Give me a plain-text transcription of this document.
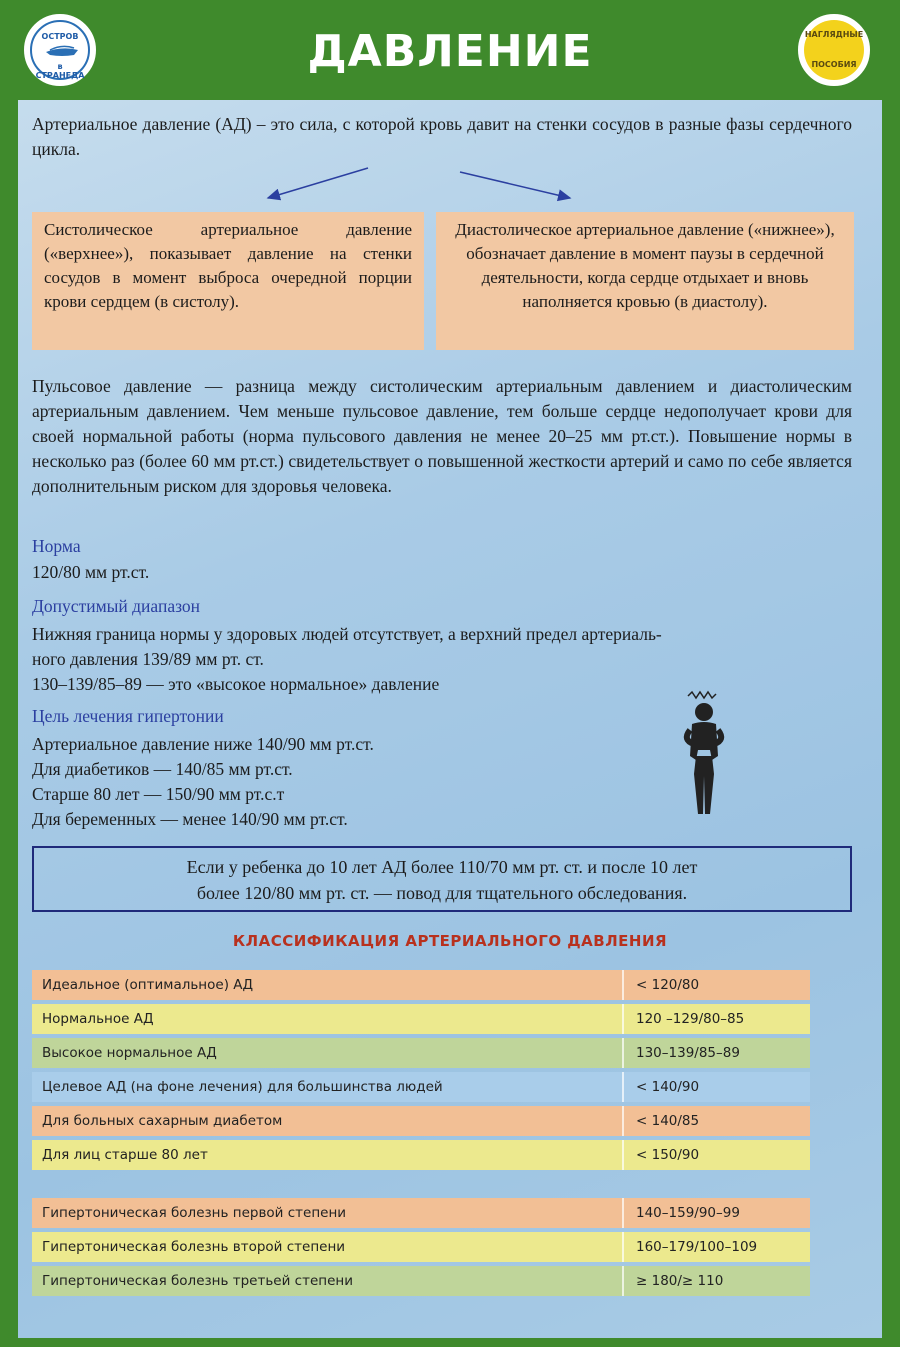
ОСТРОВ
в СТРАНЕДА	ДАВЛЕНИЕ	НАГЛЯДНЫЕ
ПОСОБИЯ
Артериальное давление (АД) – это сила, с которой кровь давит на стенки сосудов в разные фазы сердечного цикла.
Систолическое артериальное давление («верхнее»), показывает давление на стенки сосудов в момент выброса очередной порции крови сердцем (в систолу).
Диастолическое артериальное давление («нижнее»), обозначает давление в момент паузы в сердечной деятельности, когда сердце отдыхает и вновь наполняется кровью (в диастолу).
Пульсовое давление — разница между систолическим артериальным давлением и диастолическим артериальным давлением. Чем меньше пульсовое давление, тем больше сердце недополучает крови для своей нормальной работы (норма пульсового давления не менее 20–25 мм рт.ст.). Повышение нормы в несколько раз (более 60 мм рт.ст.) свидетельствует о повышенной жесткости артерий и само по себе является дополнительным риском для здоровья человека.
Норма
120/80 мм рт.ст.
Допустимый диапазон
Нижняя граница нормы у здоровых людей отсутствует, а верхний предел артериаль-
ного давления 139/89 мм рт. ст.
130–139/85–89 — это «высокое нормальное» давление
Цель лечения гипертонии
Артериальное давление ниже 140/90 мм рт.ст.
Для диабетиков — 140/85 мм рт.ст.
Старше 80 лет — 150/90 мм рт.с.т
Для беременных — менее 140/90 мм рт.ст.
Если у ребенка до 10 лет АД более 110/70 мм рт. ст. и после 10 лет
более 120/80 мм рт. ст. — повод для тщательного обследования.
КЛАССИФИКАЦИЯ АРТЕРИАЛЬНОГО ДАВЛЕНИЯ
Идеальное (оптимальное) АД	< 120/80
Нормальное АД	120 –129/80–85
Высокое нормальное АД	130–139/85–89
Целевое АД (на фоне лечения) для большинства людей	< 140/90
Для больных сахарным диабетом	< 140/85
Для лиц старше 80 лет	< 150/90
Гипертоническая болезнь первой степени	140–159/90–99
Гипертоническая болезнь второй степени	160–179/100–109
Гипертоническая болезнь третьей степени	≥ 180/≥ 110
